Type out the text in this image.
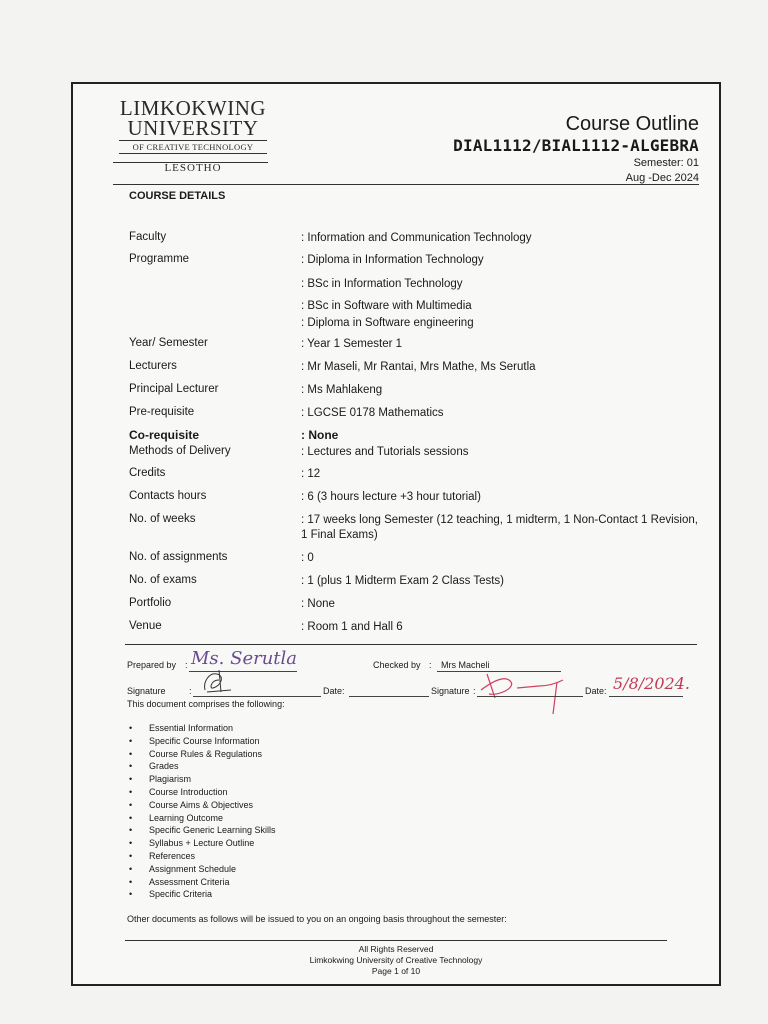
LIMKOKWING
UNIVERSITY
OF CREATIVE TECHNOLOGY
LESOTHO
Course Outline
DIAL1112/BIAL1112-ALGEBRA
Semester: 01
Aug -Dec 2024
COURSE DETAILS
Faculty	: Information and Communication Technology
Programme	: Diploma in Information Technology
: BSc in Information Technology
: BSc in Software with Multimedia
: Diploma in Software engineering
Year/ Semester	: Year 1 Semester 1
Lecturers	: Mr Maseli, Mr Rantai, Mrs Mathe, Ms Serutla
Principal Lecturer	: Ms Mahlakeng
Pre-requisite	: LGCSE 0178 Mathematics
Co-requisite	: None
Methods of Delivery	: Lectures and Tutorials sessions
Credits	: 12
Contacts hours	: 6 (3 hours lecture +3 hour tutorial)
No. of weeks	: 17 weeks long Semester (12 teaching, 1 midterm, 1 Non-Contact 1 Revision, 1 Final Exams)
No. of assignments	: 0
No. of exams	: 1 (plus 1 Midterm Exam 2 Class Tests)
Portfolio	: None
Venue	: Room 1 and Hall 6
Prepared by : Ms. Serutla	Checked by : Mrs Macheli
Signature	:	Date:	Signature :	Date: 5/8/2024.
This document comprises the following:
• Essential Information
• Specific Course Information
• Course Rules & Regulations
• Grades
• Plagiarism
• Course Introduction
• Course Aims & Objectives
• Learning Outcome
• Specific Generic Learning Skills
• Syllabus + Lecture Outline
• References
• Assignment Schedule
• Assessment Criteria
• Specific Criteria
Other documents as follows will be issued to you on an ongoing basis throughout the semester:
All Rights Reserved
Limkokwing University of Creative Technology
Page 1 of 10
